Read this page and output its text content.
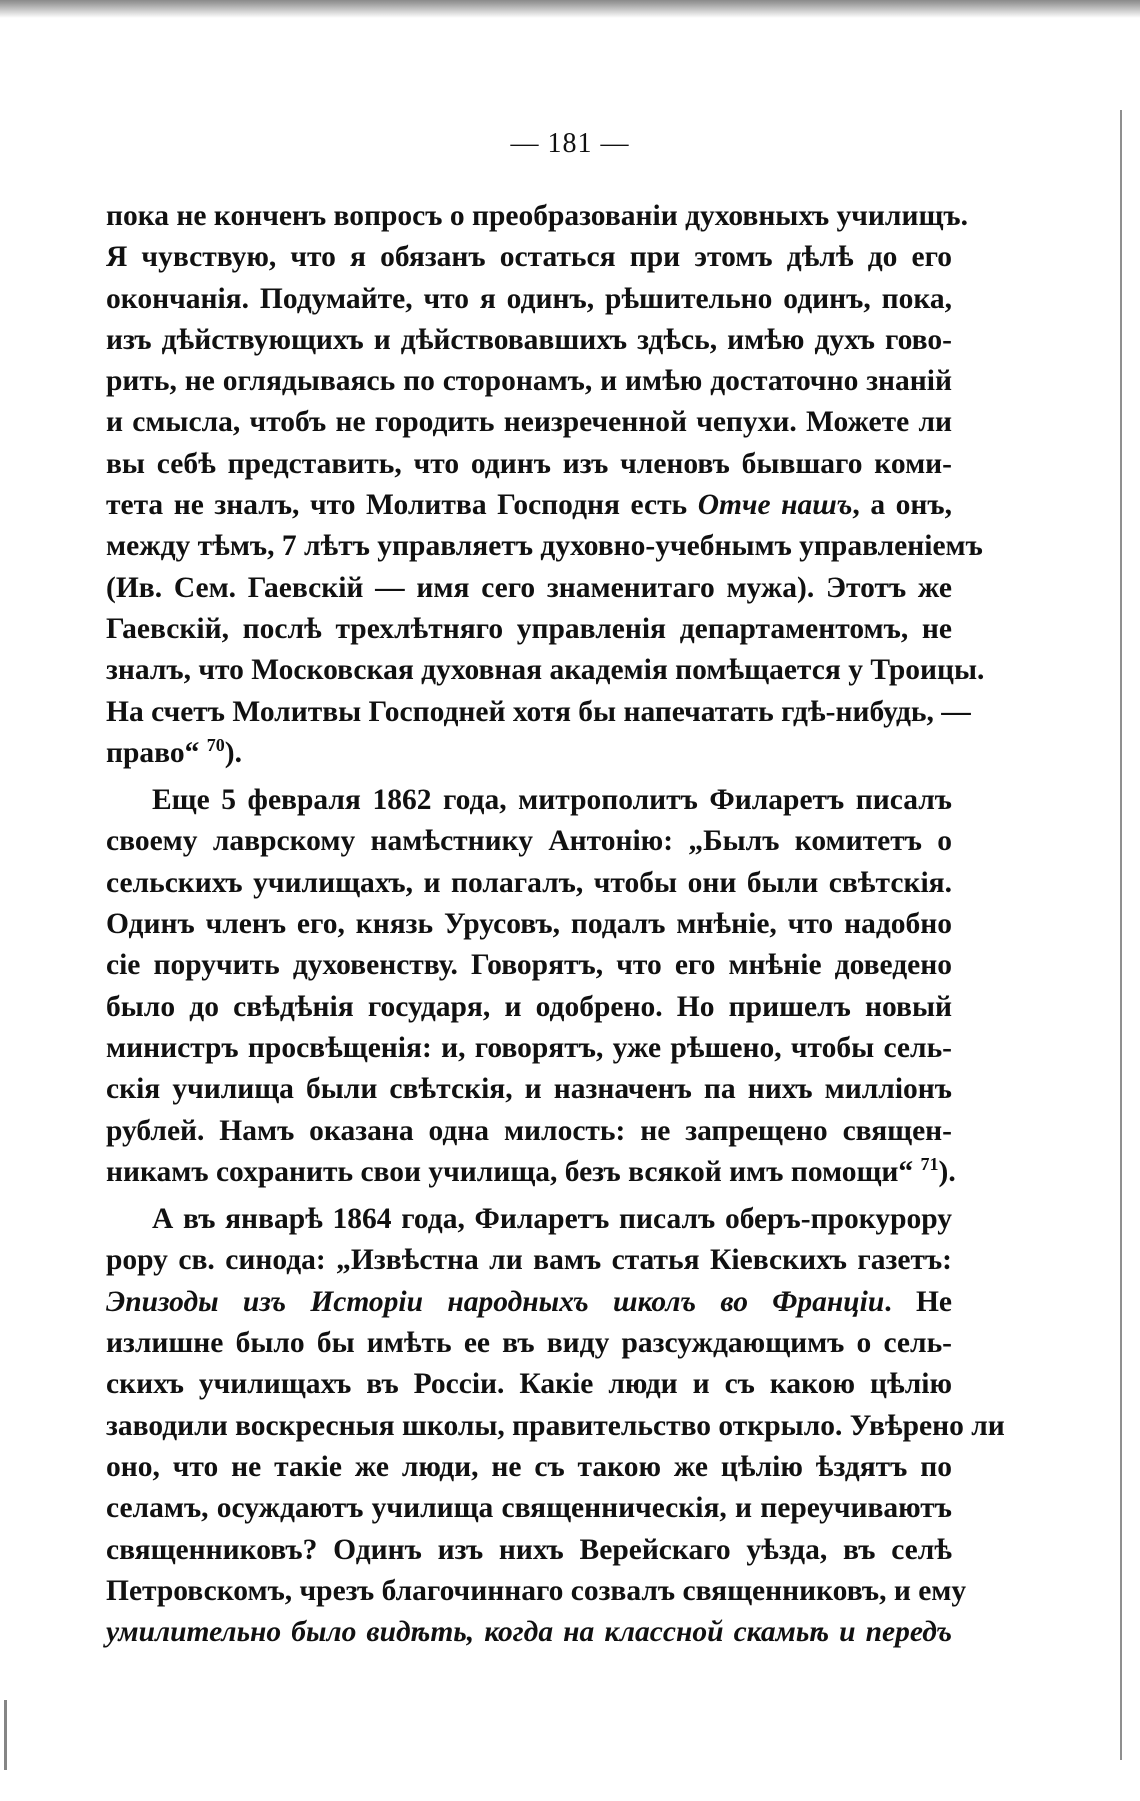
— 181 —
пока не конченъ вопросъ о преобразованіи духовныхъ училищъ.
Я чувствую, что я обязанъ остаться при этомъ дѣлѣ до его
окончанія. Подумайте, что я одинъ, рѣшительно одинъ, пока,
изъ дѣйствующихъ и дѣйствовавшихъ здѣсь, имѣю духъ гово-
рить, не оглядываясь по сторонамъ, и имѣю достаточно знаній
и смысла, чтобъ не городить неизреченной чепухи. Можете ли
вы себѣ представить, что одинъ изъ членовъ бывшаго коми-
тета не зналъ, что Молитва Господня есть Отче нашъ, а онъ,
между тѣмъ, 7 лѣтъ управляетъ духовно-учебнымъ управленіемъ
(Ив. Сем. Гаевскій — имя сего знаменитаго мужа). Этотъ же
Гаевскій, послѣ трехлѣтняго управленія департаментомъ, не
зналъ, что Московская духовная академія помѣщается у Троицы.
На счетъ Молитвы Господней хотя бы напечатать гдѣ-нибудь, —
право“ $^{70}$).
Еще 5 февраля 1862 года, митрополитъ Филаретъ писалъ
своему лаврскому намѣстнику Антонію: „Былъ комитетъ о
сельскихъ училищахъ, и полагалъ, чтобы они были свѣтскія.
Одинъ членъ его, князь Урусовъ, подалъ мнѣніе, что надобно
сіе поручить духовенству. Говорятъ, что его мнѣніе доведено
было до свѣдѣнія государя, и одобрено. Но пришелъ новый
министръ просвѣщенія: и, говорятъ, уже рѣшено, чтобы сель-
скія училища были свѣтскія, и назначенъ па нихъ милліонъ
рублей. Намъ оказана одна милость: не запрещено священ-
никамъ сохранить свои училища, безъ всякой имъ помощи“ $^{71}$).
А въ январѣ 1864 года, Филаретъ писалъ оберъ-прокурору
рору св. синода: „Извѣстна ли вамъ статья Кіевскихъ газетъ:
Эпизоды изъ Исторіи народныхъ школъ во Франціи. Не
излишне было бы имѣть ее въ виду разсуждающимъ о сель-
скихъ училищахъ въ Россіи. Какіе люди и съ какою цѣлію
заводили воскресныя школы, правительство открыло. Увѣрено ли
оно, что не такіе же люди, не съ такою же цѣлію ѣздятъ по
селамъ, осуждаютъ училища священническія, и переучиваютъ
священниковъ? Одинъ изъ нихъ Верейскаго уѣзда, въ селѣ
Петровскомъ, чрезъ благочиннаго созвалъ священниковъ, и ему
умилительно было видѣть, когда на классной скамьѣ и передъ
